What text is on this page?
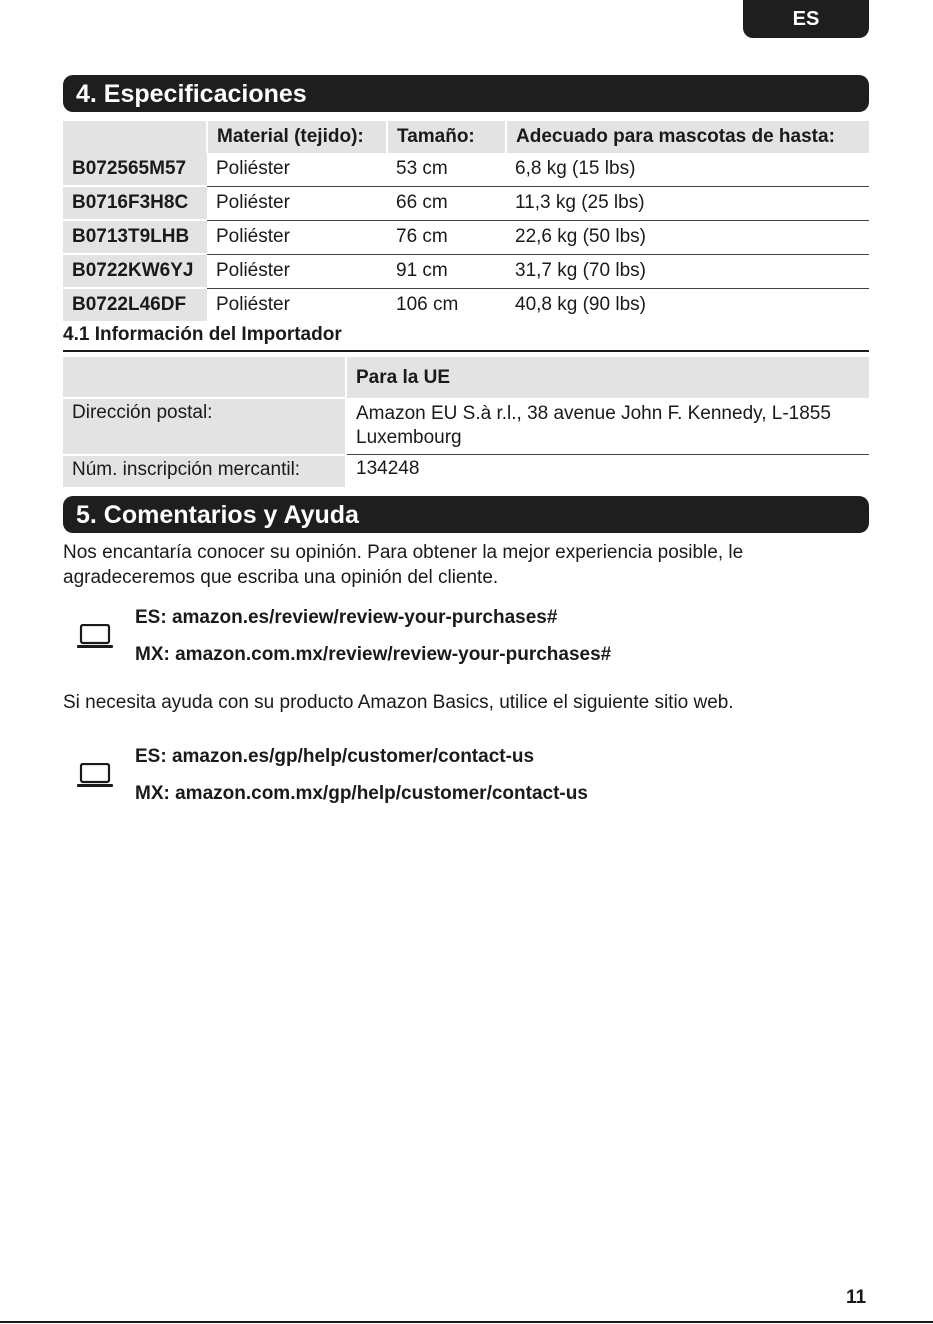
ES
4. Especificaciones
	Material (tejido):	Tamaño:	Adecuado para mascotas de hasta:
B072565M57	Poliéster	53 cm	6,8 kg (15 lbs)
B0716F3H8C	Poliéster	66 cm	11,3 kg (25 lbs)
B0713T9LHB	Poliéster	76 cm	22,6 kg (50 lbs)
B0722KW6YJ	Poliéster	91 cm	31,7 kg (70 lbs)
B0722L46DF	Poliéster	106 cm	40,8 kg (90 lbs)
4.1 Información del Importador
	Para la UE
Dirección postal:	Amazon EU S.à r.l., 38 avenue John F. Kennedy, L-1855 Luxembourg
Núm. inscripción mercantil:	134248
5. Comentarios y Ayuda

Nos encantaría conocer su opinión. Para obtener la mejor experiencia posible, le agradeceremos que escriba una opinión del cliente.

ES: amazon.es/review/review-your-purchases#
MX: amazon.com.mx/review/review-your-purchases#

Si necesita ayuda con su producto Amazon Basics, utilice el siguiente sitio web.

ES: amazon.es/gp/help/customer/contact-us
MX: amazon.com.mx/gp/help/customer/contact-us
11
